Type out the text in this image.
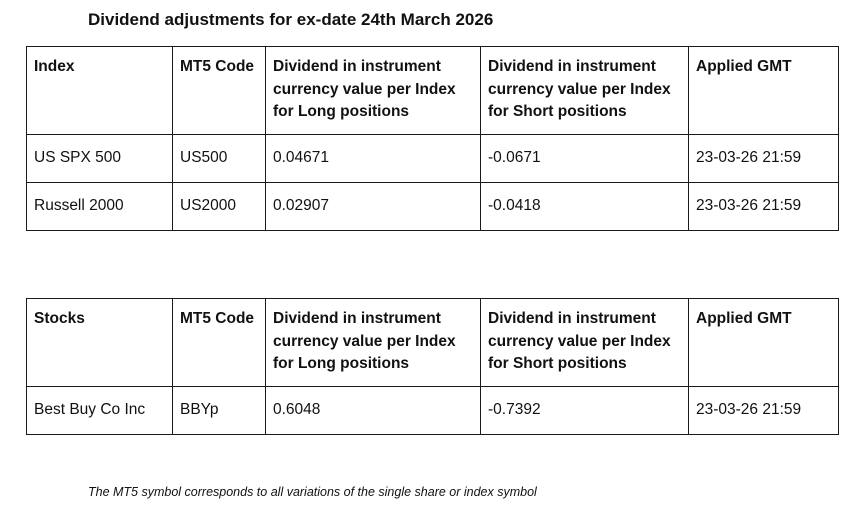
Dividend adjustments for ex-date 24th March 2026
Index	MT5 Code	Dividend in instrument currency value per Index for Long positions	Dividend in instrument currency value per Index for Short positions	Applied GMT
US SPX 500	US500	0.04671	-0.0671	23-03-26 21:59
Russell 2000	US2000	0.02907	-0.0418	23-03-26 21:59
Stocks	MT5 Code	Dividend in instrument currency value per Index for Long positions	Dividend in instrument currency value per Index for Short positions	Applied GMT
Best Buy Co Inc	BBYp	0.6048	-0.7392	23-03-26 21:59
The MT5 symbol corresponds to all variations of the single share or index symbol
